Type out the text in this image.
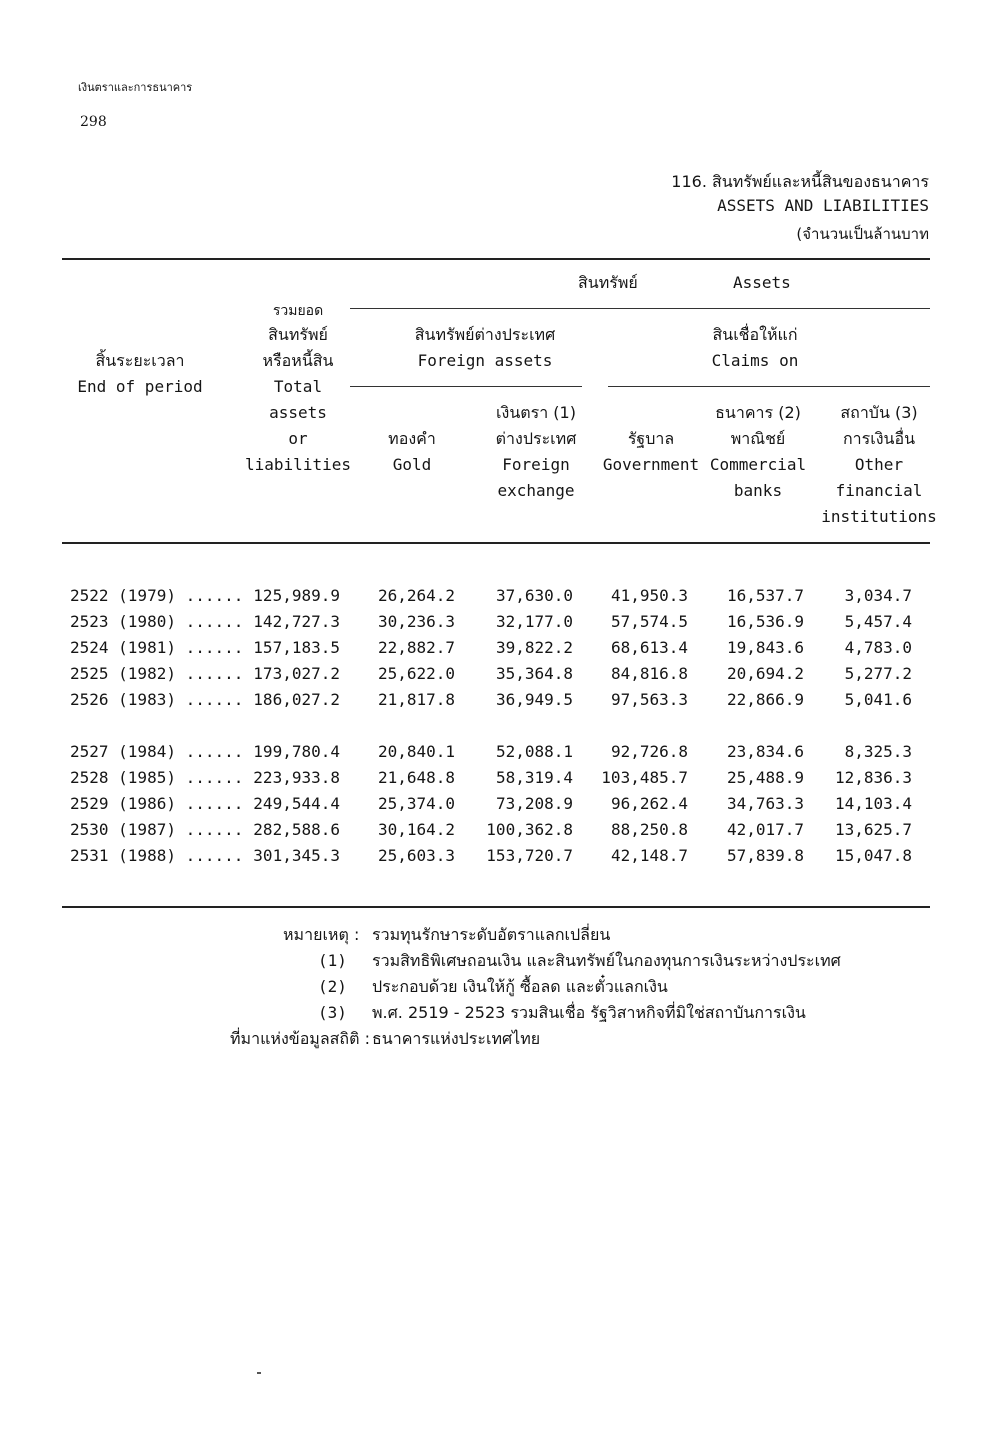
เงินตราและการธนาคาร
298
116. สินทรัพย์และหนี้สินของธนาคาร
ASSETS AND LIABILITIES
(จำนวนเป็นล้านบาท
สินทรัพย์	Assets
สิ้นระยะเวลา
End of period
รวมยอด
สินทรัพย์
หรือหนี้สิน
Total
assets
or
liabilities
สินทรัพย์ต่างประเทศ
Foreign assets
สินเชื่อให้แก่
Claims on
ทองคำ
Gold
เงินตรา (1)
ต่างประเทศ
Foreign
exchange
รัฐบาล
Government
ธนาคาร (2)
พาณิชย์
Commercial
banks
สถาบัน (3)
การเงินอื่น
Other
financial
institutions
2522 (1979) ...... 125,989.9 26,264.2	37,630.0 41,950.3 16,537.7	3,034.7
2523 (1980) ...... 142,727.3 30,236.3	32,177.0 57,574.5 16,536.9	5,457.4
2524 (1981) ...... 157,183.5 22,882.7	39,822.2 68,613.4 19,843.6	4,783.0
2525 (1982) ...... 173,027.2 25,622.0	35,364.8 84,816.8 20,694.2	5,277.2
2526 (1983) ...... 186,027.2 21,817.8	36,949.5 97,563.3 22,866.9	5,041.6
2527 (1984) ...... 199,780.4 20,840.1	52,088.1 92,726.8 23,834.6	8,325.3
2528 (1985) ...... 223,933.8 21,648.8	58,319.4 103,485.7 25,488.9 12,836.3
2529 (1986) ...... 249,544.4 25,374.0	73,208.9 96,262.4 34,763.3 14,103.4
2530 (1987) ...... 282,588.6 30,164.2 100,362.8 88,250.8 42,017.7 13,625.7
2531 (1988) ...... 301,345.3 25,603.3 153,720.7 42,148.7 57,839.8 15,047.8
หมายเหตุ : รวมทุนรักษาระดับอัตราแลกเปลี่ยน
(1) รวมสิทธิพิเศษถอนเงิน และสินทรัพย์ในกองทุนการเงินระหว่างประเทศ
(2) ประกอบด้วย เงินให้กู้ ซื้อลด และตั๋วแลกเงิน
(3) พ.ศ. 2519 - 2523 รวมสินเชื่อ รัฐวิสาหกิจที่มิใช่สถาบันการเงิน
ที่มาแห่งข้อมูลสถิติ : ธนาคารแห่งประเทศไทย
